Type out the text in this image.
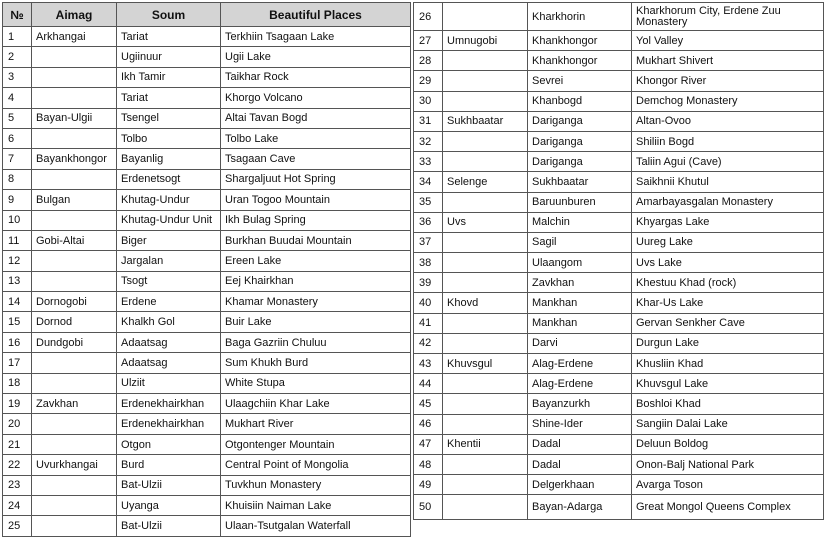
№	Aimag	Soum	Beautiful Places
1	Arkhangai	Tariat	Terkhiin Tsagaan Lake
2		Ugiinuur	Ugii Lake
3		Ikh Tamir	Taikhar Rock
4		Tariat	Khorgo Volcano
5	Bayan-Ulgii	Tsengel	Altai Tavan Bogd
6		Tolbo	Tolbo Lake
7	Bayankhongor	Bayanlig	Tsagaan Cave
8		Erdenetsogt	Shargaljuut Hot Spring
9	Bulgan	Khutag-Undur	Uran Togoo Mountain
10		Khutag-Undur Unit	Ikh Bulag Spring
11	Gobi-Altai	Biger	Burkhan Buudai Mountain
12		Jargalan	Ereen Lake
13		Tsogt	Eej Khairkhan
14	Dornogobi	Erdene	Khamar Monastery
15	Dornod	Khalkh Gol	Buir Lake
16	Dundgobi	Adaatsag	Baga Gazriin Chuluu
17		Adaatsag	Sum Khukh Burd
18		Ulziit	White Stupa
19	Zavkhan	Erdenekhairkhan	Ulaagchiin Khar Lake
20		Erdenekhairkhan	Mukhart River
21		Otgon	Otgontenger Mountain
22	Uvurkhangai	Burd	Central Point of Mongolia
23		Bat-Ulzii	Tuvkhun Monastery
24		Uyanga	Khuisiin Naiman Lake
25		Bat-Ulzii	Ulaan-Tsutgalan Waterfall
26		Kharkhorin	Kharkhorum City, Erdene Zuu Monastery
27	Umnugobi	Khankhongor	Yol Valley
28		Khankhongor	Mukhart Shivert
29		Sevrei	Khongor River
30		Khanbogd	Demchog Monastery
31	Sukhbaatar	Dariganga	Altan-Ovoo
32		Dariganga	Shiliin Bogd
33		Dariganga	Taliin Agui (Cave)
34	Selenge	Sukhbaatar	Saikhnii Khutul
35		Baruunburen	Amarbayasgalan Monastery
36	Uvs	Malchin	Khyargas Lake
37		Sagil	Uureg Lake
38		Ulaangom	Uvs Lake
39		Zavkhan	Khestuu Khad (rock)
40	Khovd	Mankhan	Khar-Us Lake
41		Mankhan	Gervan Senkher Cave
42		Darvi	Durgun Lake
43	Khuvsgul	Alag-Erdene	Khusliin Khad
44		Alag-Erdene	Khuvsgul Lake
45		Bayanzurkh	Boshloi Khad
46		Shine-Ider	Sangiin Dalai Lake
47	Khentii	Dadal	Deluun Boldog
48		Dadal	Onon-Balj National Park
49		Delgerkhaan	Avarga Toson
50		Bayan-Adarga	Great Mongol Queens Complex
